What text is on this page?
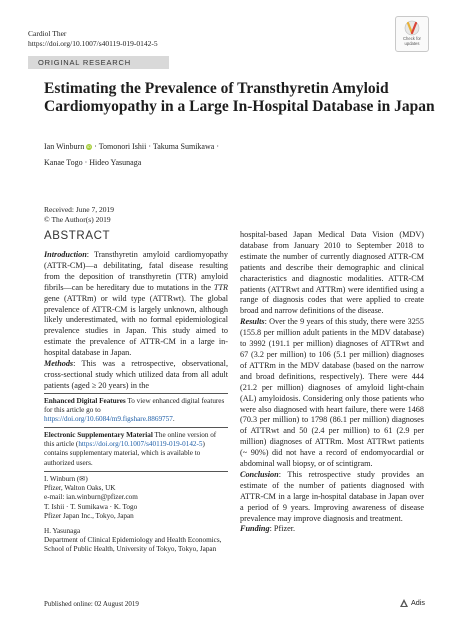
Cardiol Ther
https://doi.org/10.1007/s40119-019-0142-5
Check for
updates
ORIGINAL RESEARCH
Estimating the Prevalence of Transthyretin Amyloid Cardiomyopathy in a Large In-Hospital Database in Japan
Ian Winburn iD · Tomonori Ishii · Takuma Sumikawa ·
Kanae Togo · Hideo Yasunaga
Received: June 7, 2019
© The Author(s) 2019
ABSTRACT

Introduction: Transthyretin amyloid cardiomyopathy (ATTR-CM)—a debilitating, fatal disease resulting from the deposition of transthyretin (TTR) amyloid fibrils—can be hereditary due to mutations in the TTR gene (ATTRm) or wild type (ATTRwt). The global prevalence of ATTR-CM is largely unknown, although likely underestimated, with no formal epidemiological prevalence studies in Japan. This study aimed to estimate the prevalence of ATTR-CM in a large in-hospital database in Japan.

Methods: This was a retrospective, observational, cross-sectional study which utilized data from all adult patients (aged ≥ 20 years) in the

Enhanced Digital Features To view enhanced digital features for this article go to https://doi.org/10.6084/m9.figshare.8869757.
Electronic Supplementary Material The online version of this article (https://doi.org/10.1007/s40119-019-0142-5) contains supplementary material, which is available to authorized users.
I. Winburn (✉)
Pfizer, Walton Oaks, UK
e-mail: ian.winburn@pfizer.com
T. Ishii · T. Sumikawa · K. Togo
Pfizer Japan Inc., Tokyo, Japan
H. Yasunaga
Department of Clinical Epidemiology and Health Economics, School of Public Health, University of Tokyo, Tokyo, Japan

hospital-based Japan Medical Data Vision (MDV) database from January 2010 to September 2018 to estimate the number of currently diagnosed ATTR-CM patients and describe their demographic and clinical characteristics and diagnostic modalities. ATTR-CM patients (ATTRwt and ATTRm) were identified using a range of diagnosis codes that were applied to create broad and narrow definitions of the disease.

Results: Over the 9 years of this study, there were 3255 (155.8 per million adult patients in the MDV database) to 3992 (191.1 per million) diagnoses of ATTRwt and 67 (3.2 per million) to 106 (5.1 per million) diagnoses of ATTRm in the MDV database (based on the narrow and broad definitions, respectively). There were 444 (21.2 per million) diagnoses of amyloid light-chain (AL) amyloidosis. Considering only those patients who were also diagnosed with heart failure, there were 1468 (70.3 per million) to 1798 (86.1 per million) diagnoses of ATTRwt and 50 (2.4 per million) to 61 (2.9 per million) diagnoses of ATTRm. Most ATTRwt patients (~ 90%) did not have a record of endomyocardial or abdominal wall biopsy, or of scintigram.

Conclusion: This retrospective study provides an estimate of the number of patients diagnosed with ATTR-CM in a large in-hospital database in Japan over a period of 9 years. Improving awareness of disease prevalence may improve diagnosis and treatment.

Funding: Pfizer.

Published online: 02 August 2019	Adis
